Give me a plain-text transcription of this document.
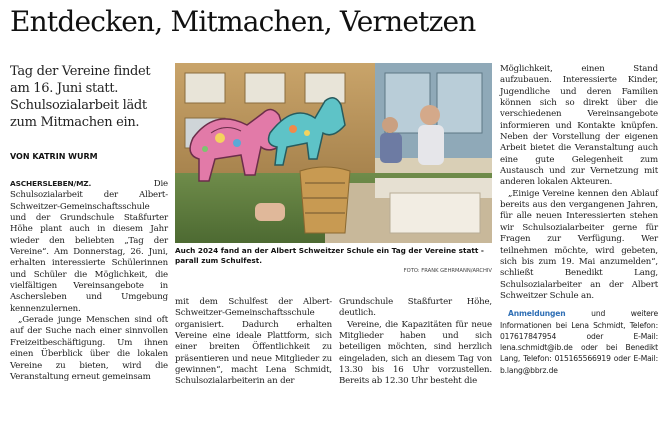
Entdecken, Mitmachen, Vernetzen
Tag der Vereine findet am 16. Juni statt. Schulsozialarbeit lädt zum Mitmachen ein.
VON KATRIN WURM

ASCHERSLEBEN/MZ. Die Schulsozialarbeit der Albert-Schweitzer-Gemeinschaftsschule und der Grundschule Staßfurter Höhe plant auch in diesem Jahr wieder den beliebten „Tag der Vereine“. Am Donnerstag, 26. Juni, erhalten interessierte Schülerinnen und Schüler die Möglichkeit, die vielfältigen Vereinsangebote in Aschersleben und Umgebung kennenzulernen.

„Gerade junge Menschen sind oft auf der Suche nach einer sinnvollen Freizeitbeschäftigung. Um ihnen einen Überblick über die lokalen Vereine zu bieten, wird die Veranstaltung erneut gemeinsam

Auch 2024 fand an der Albert Schweitzer Schule ein Tag der Vereine statt - parall zum Schulfest.
FOTO: FRANK GEHRMANN/ARCHIV

mit dem Schulfest der Albert-Schweitzer-Gemeinschaftsschule organisiert. Dadurch erhalten Vereine eine ideale Plattform, sich einer breiten Öffentlichkeit zu präsentieren und neue Mitglieder zu gewinnen“, macht Lena Schmidt, Schulsozialarbeiterin an der

Grundschule Staßfurter Höhe, deutlich.

Vereine, die Kapazitäten für neue Mitglieder haben und sich beteiligen möchten, sind herzlich eingeladen, sich an diesem Tag von 13.30 bis 16 Uhr vorzustellen. Bereits ab 12.30 Uhr besteht die

Möglichkeit, einen Stand aufzubauen. Interessierte Kinder, Jugendliche und deren Familien können sich so direkt über die verschiedenen Vereinsangebote informieren und Kontakte knüpfen. Neben der Vorstellung der eigenen Arbeit bietet die Veranstaltung auch eine gute Gelegenheit zum Austausch und zur Vernetzung mit anderen lokalen Akteuren.

„Einige Vereine kennen den Ablauf bereits aus den vergangenen Jahren, für alle neuen Interessierten stehen wir Schulsozialarbeiter gerne für Fragen zur Verfügung. Wer teilnehmen möchte, wird gebeten, sich bis zum 19. Mai anzumelden“, schließt Benedikt Lang, Schulsozialarbeiter an der Albert Schweitzer Schule an.

Anmeldungen und weitere Informationen bei Lena Schmidt, Telefon: 017617847954 oder E-Mail: lena.schmidt@ib.de oder bei Benedikt Lang, Telefon: 015165566919 oder E-Mail: b.lang@bbrz.de
